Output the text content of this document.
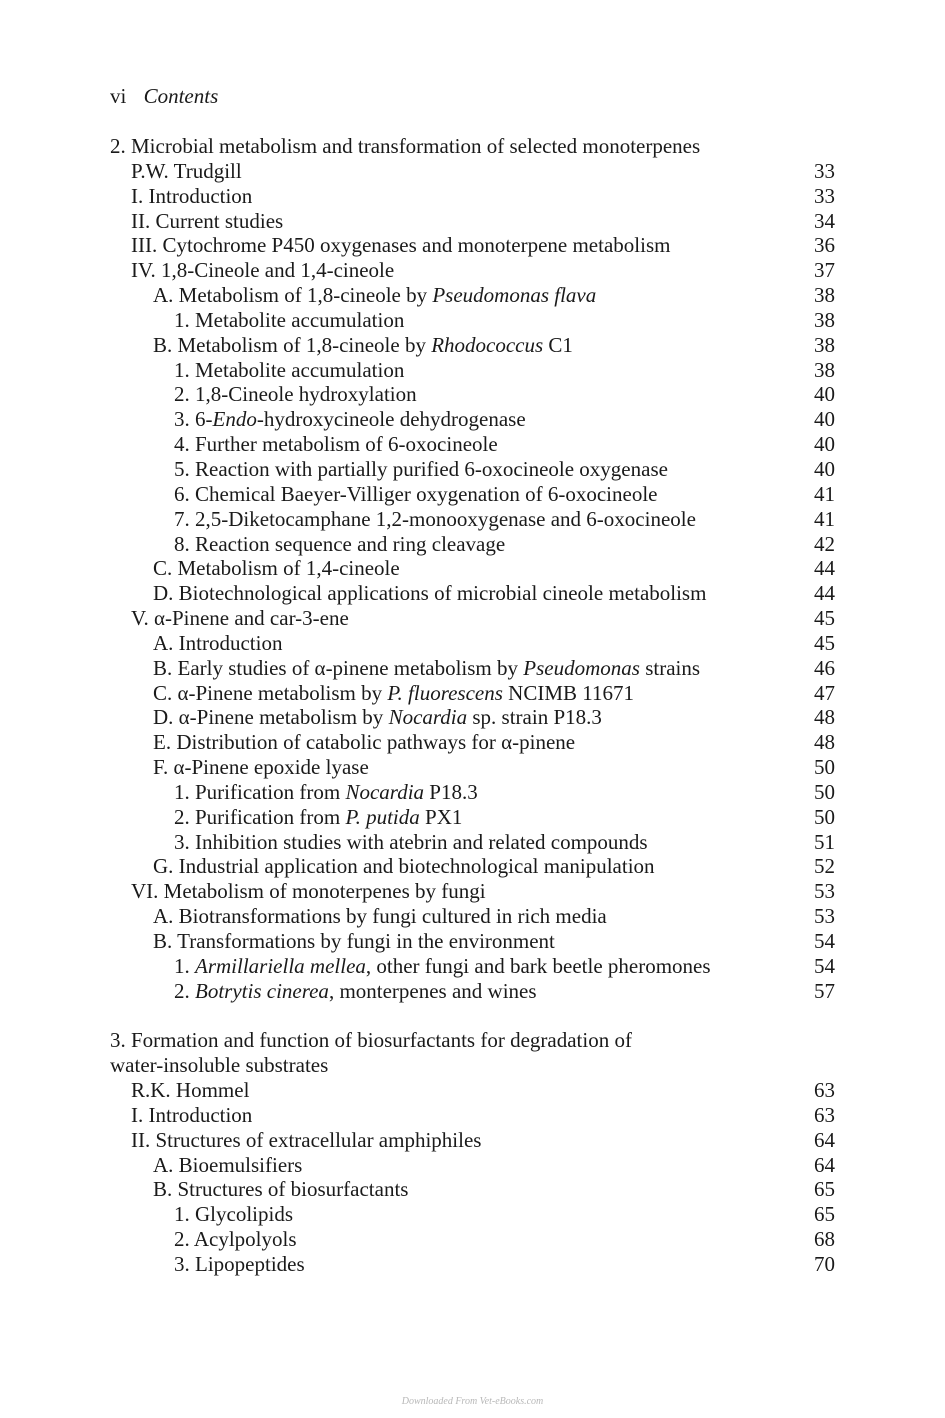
vi Contents
2. Microbial metabolism and transformation of selected monoterpenes
P.W. Trudgill	33
I. Introduction	33
II. Current studies	34
III. Cytochrome P450 oxygenases and monoterpene metabolism	36
IV. 1,8-Cineole and 1,4-cineole	37
A. Metabolism of 1,8-cineole by Pseudomonas flava	38
1. Metabolite accumulation	38
B. Metabolism of 1,8-cineole by Rhodococcus C1	38
1. Metabolite accumulation	38
2. 1,8-Cineole hydroxylation	40
3. 6-Endo-hydroxycineole dehydrogenase	40
4. Further metabolism of 6-oxocineole	40
5. Reaction with partially purified 6-oxocineole oxygenase	40
6. Chemical Baeyer-Villiger oxygenation of 6-oxocineole	41
7. 2,5-Diketocamphane 1,2-monooxygenase and 6-oxocineole	41
8. Reaction sequence and ring cleavage	42
C. Metabolism of 1,4-cineole	44
D. Biotechnological applications of microbial cineole metabolism	44
V. α-Pinene and car-3-ene	45
A. Introduction	45
B. Early studies of α-pinene metabolism by Pseudomonas strains	46
C. α-Pinene metabolism by P. fluorescens NCIMB 11671	47
D. α-Pinene metabolism by Nocardia sp. strain P18.3	48
E. Distribution of catabolic pathways for α-pinene	48
F. α-Pinene epoxide lyase	50
1. Purification from Nocardia P18.3	50
2. Purification from P. putida PX1	50
3. Inhibition studies with atebrin and related compounds	51
G. Industrial application and biotechnological manipulation	52
VI. Metabolism of monoterpenes by fungi	53
A. Biotransformations by fungi cultured in rich media	53
B. Transformations by fungi in the environment	54
1. Armillariella mellea, other fungi and bark beetle pheromones	54
2. Botrytis cinerea, monterpenes and wines	57
3. Formation and function of biosurfactants for degradation of
water-insoluble substrates
R.K. Hommel	63
I. Introduction	63
II. Structures of extracellular amphiphiles	64
A. Bioemulsifiers	64
B. Structures of biosurfactants	65
1. Glycolipids	65
2. Acylpolyols	68
3. Lipopeptides	70
Downloaded From Vet-eBooks.com
